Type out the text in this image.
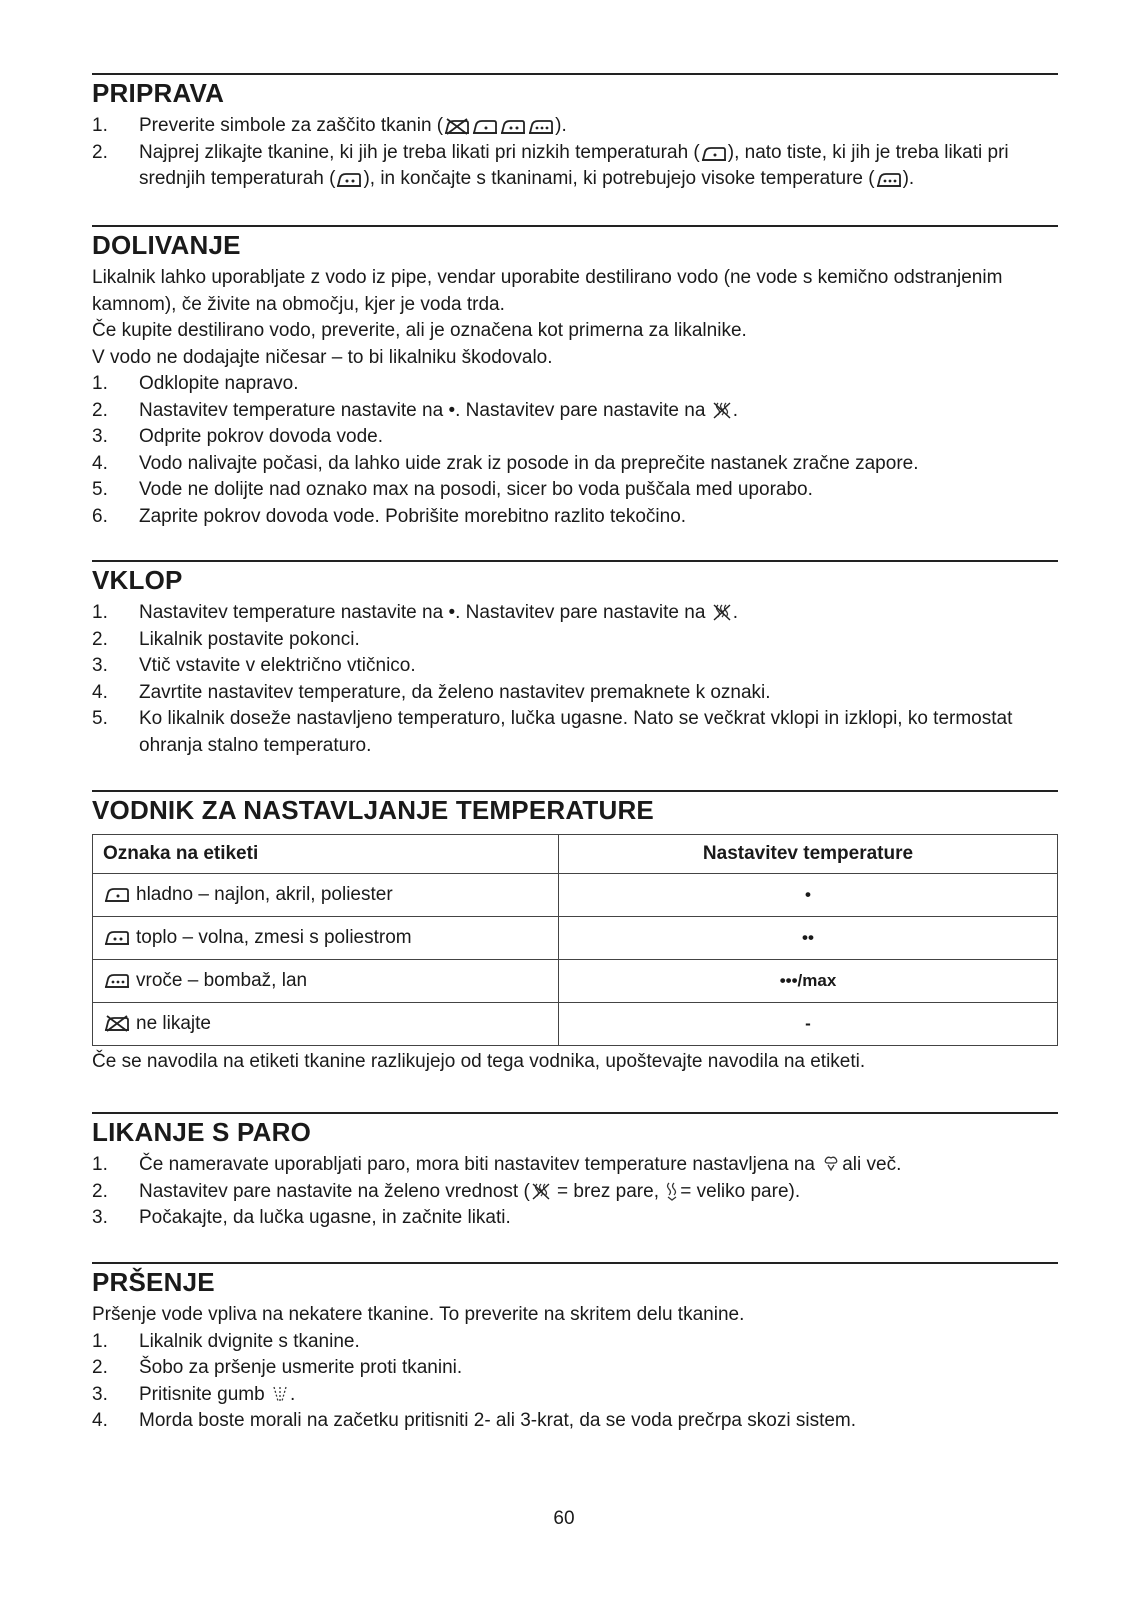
PRIPRAVA
1. Preverite simbole za zaščito tkanin (	).
2. Najprej zlikajte tkanine, ki jih je treba likati pri nizkih temperaturah ( ), nato tiste, ki jih je treba likati pri srednjih temperaturah ( ), in končajte s tkaninami, ki potrebujejo visoke temperature ( ).
DOLIVANJE

Likalnik lahko uporabljate z vodo iz pipe, vendar uporabite destilirano vodo (ne vode s kemično odstranjenim kamnom), če živite na območju, kjer je voda trda.

Če kupite destilirano vodo, preverite, ali je označena kot primerna za likalnike.

V vodo ne dodajajte ničesar – to bi likalniku škodovalo.

1. Odklopite napravo.
2. Nastavitev temperature nastavite na •. Nastavitev pare nastavite na
.
3. Odprite pokrov dovoda vode.
4. Vodo nalivajte počasi, da lahko uide zrak iz posode in da preprečite nastanek zračne zapore.
5. Vode ne dolijte nad oznako max na posodi, sicer bo voda puščala med uporabo.
6. Zaprite pokrov dovoda vode. Pobrišite morebitno razlito tekočino.
VKLOP
1. Nastavitev temperature nastavite na •. Nastavitev pare nastavite na
.
2. Likalnik postavite pokonci.
3. Vtič vstavite v električno vtičnico.
4. Zavrtite nastavitev temperature, da želeno nastavitev premaknete k oznaki.
5. Ko likalnik doseže nastavljeno temperaturo, lučka ugasne. Nato se večkrat vklopi in izklopi, ko termostat ohranja stalno temperaturo.
VODNIK ZA NASTAVLJANJE TEMPERATURE
Oznaka na etiketi	Nastavitev temperature

hladno – najlon, akril, poliester	•

toplo – volna, zmesi s poliestrom	••

vroče – bombaž, lan	•••/max

ne likajte	-
Če se navodila na etiketi tkanine razlikujejo od tega vodnika, upoštevajte navodila na etiketi.
LIKANJE S PARO
1. Če nameravate uporabljati paro, mora biti nastavitev temperature nastavljena na
ali več.
2. Nastavitev pare nastavite na želeno vrednost (
= brez pare,
= veliko pare).
3. Počakajte, da lučka ugasne, in začnite likati.
PRŠENJE

Pršenje vode vpliva na nekatere tkanine. To preverite na skritem delu tkanine.

1. Likalnik dvignite s tkanine.
2. Šobo za pršenje usmerite proti tkanini.
3. Pritisnite gumb
.
4. Morda boste morali na začetku pritisniti 2- ali 3-krat, da se voda prečrpa skozi sistem.
60
